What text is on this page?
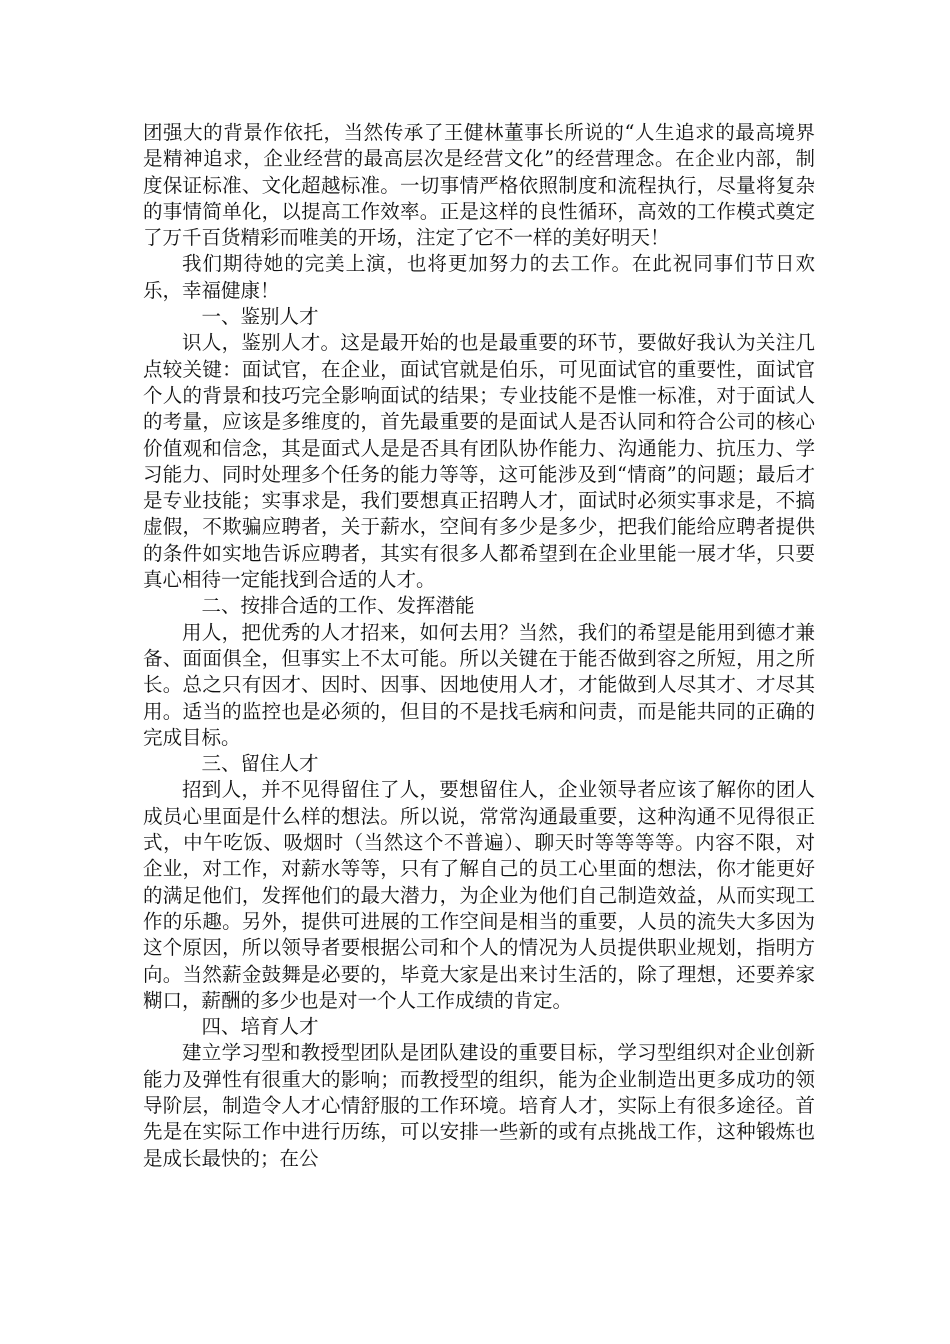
团强大的背景作依托，当然传承了王健林董事长所说的“人生追求的最高境界是精神追求，企业经营的最高层次是经营文化”的经营理念。在企业内部，制度保证标准、文化超越标准。一切事情严格依照制度和流程执行，尽量将复杂的事情简单化，以提高工作效率。正是这样的良性循环，高效的工作模式奠定了万千百货精彩而唯美的开场，注定了它不一样的美好明天！

我们期待她的完美上演，也将更加努力的去工作。在此祝同事们节日欢乐，幸福健康！

一、鉴别人才

识人，鉴别人才。这是最开始的也是最重要的环节，要做好我认为关注几点较关键：面试官，在企业，面试官就是伯乐，可见面试官的重要性，面试官个人的背景和技巧完全影响面试的结果；专业技能不是惟一标准，对于面试人的考量，应该是多维度的，首先最重要的是面试人是否认同和符合公司的核心价值观和信念，其是面式人是是否具有团队协作能力、沟通能力、抗压力、学习能力、同时处理多个任务的能力等等，这可能涉及到“情商”的问题；最后才是专业技能；实事求是，我们要想真正招聘人才，面试时必须实事求是，不搞虚假，不欺骗应聘者，关于薪水，空间有多少是多少，把我们能给应聘者提供的条件如实地告诉应聘者，其实有很多人都希望到在企业里能一展才华，只要真心相待一定能找到合适的人才。

二、按排合适的工作、发挥潜能

用人，把优秀的人才招来，如何去用？当然，我们的希望是能用到德才兼备、面面俱全，但事实上不太可能。所以关键在于能否做到容之所短，用之所长。总之只有因才、因时、因事、因地使用人才，才能做到人尽其才、才尽其用。适当的监控也是必须的，但目的不是找毛病和问责，而是能共同的正确的完成目标。

三、留住人才

招到人，并不见得留住了人，要想留住人，企业领导者应该了解你的团人成员心里面是什么样的想法。所以说，常常沟通最重要，这种沟通不见得很正式，中午吃饭、吸烟时（当然这个不普遍）、聊天时等等等等。内容不限，对企业，对工作，对薪水等等，只有了解自己的员工心里面的想法，你才能更好的满足他们，发挥他们的最大潜力，为企业为他们自己制造效益，从而实现工作的乐趣。另外，提供可进展的工作空间是相当的重要，人员的流失大多因为这个原因，所以领导者要根据公司和个人的情况为人员提供职业规划，指明方向。当然薪金鼓舞是必要的，毕竟大家是出来讨生活的，除了理想，还要养家糊口，薪酬的多少也是对一个人工作成绩的肯定。

四、培育人才

建立学习型和教授型团队是团队建设的重要目标，学习型组织对企业创新能力及弹性有很重大的影响；而教授型的组织，能为企业制造出更多成功的领导阶层，制造令人才心情舒服的工作环境。培育人才，实际上有很多途径。首先是在实际工作中进行历练，可以安排一些新的或有点挑战工作，这种锻炼也是成长最快的；在公
